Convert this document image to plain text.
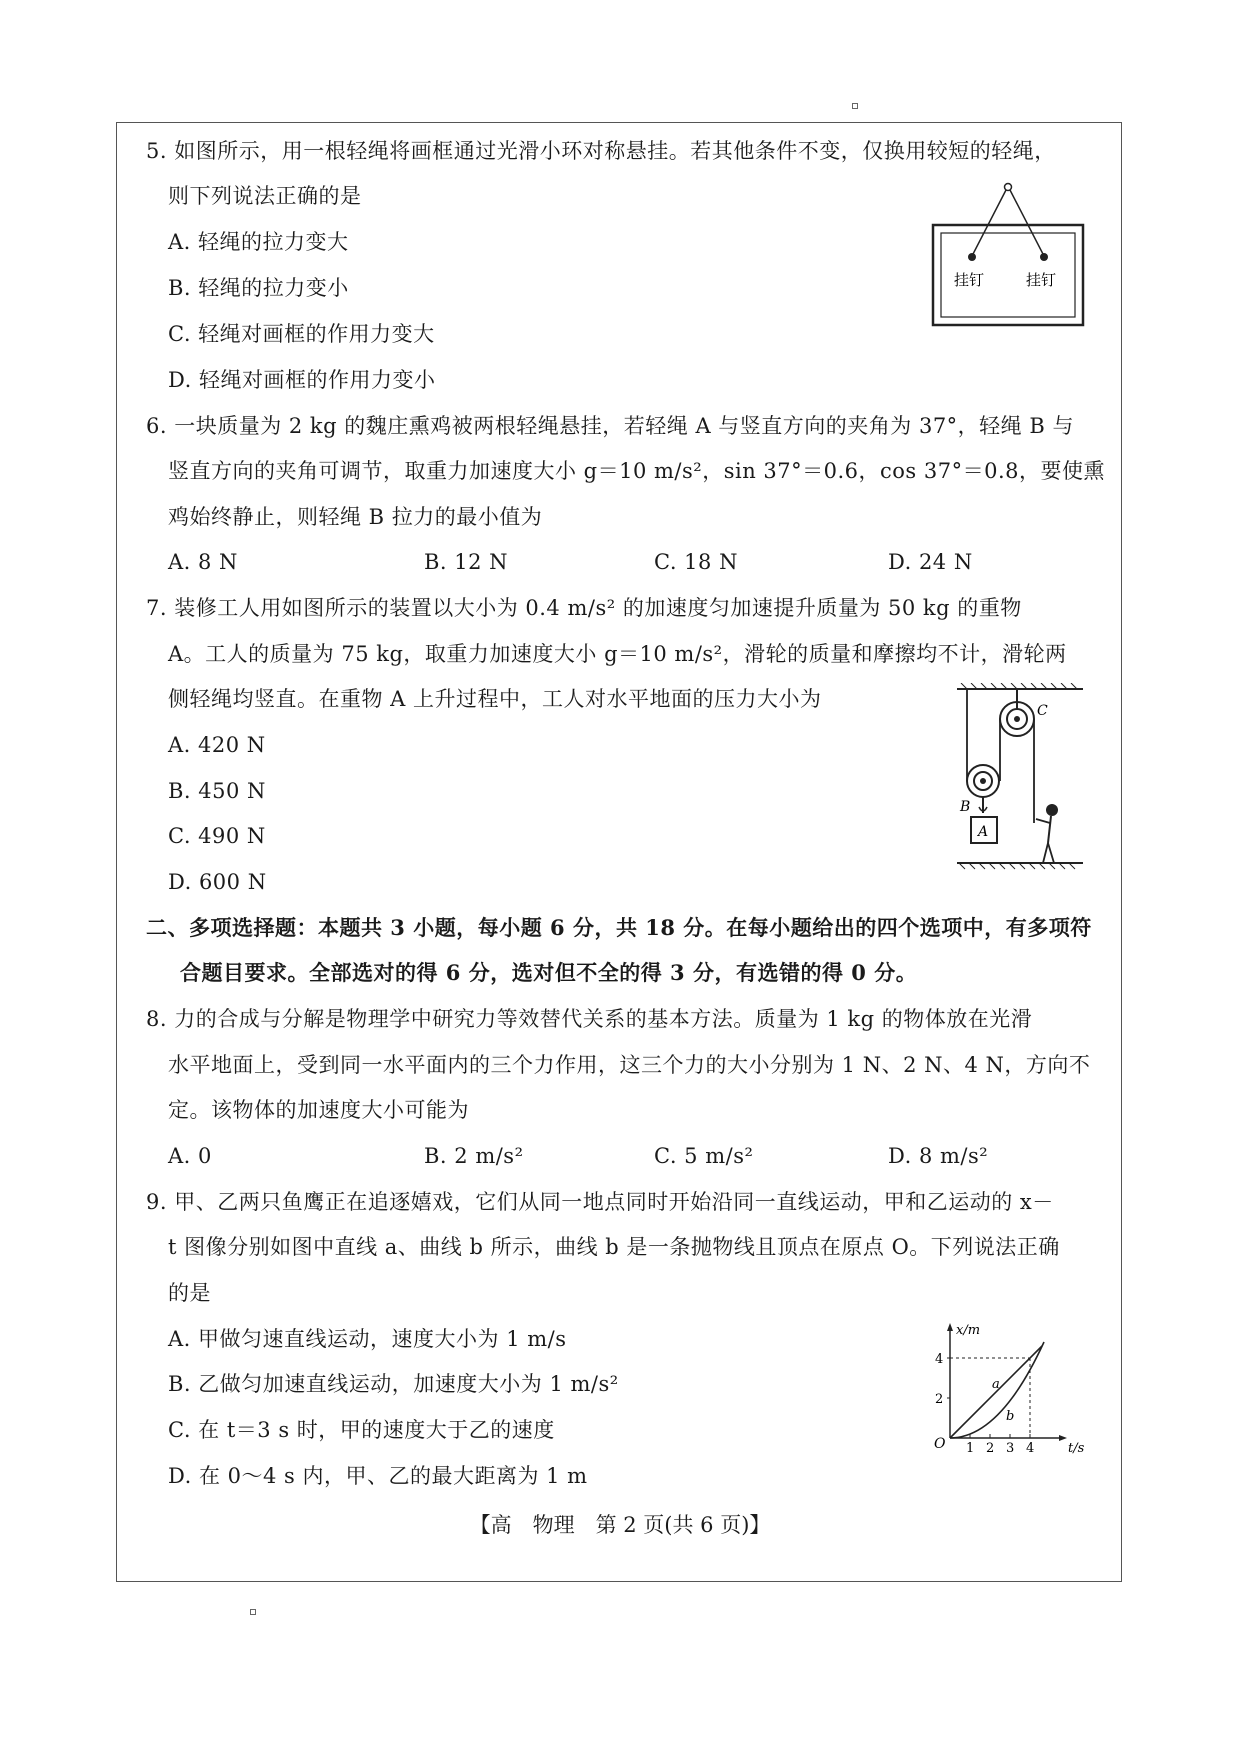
5. 如图所示，用一根轻绳将画框通过光滑小环对称悬挂。若其他条件不变，仅换用较短的轻绳，
则下列说法正确的是
A. 轻绳的拉力变大
B. 轻绳的拉力变小
C. 轻绳对画框的作用力变大
D. 轻绳对画框的作用力变小
挂钉	挂钉
6. 一块质量为 2 kg 的魏庄熏鸡被两根轻绳悬挂，若轻绳 A 与竖直方向的夹角为 37°，轻绳 B 与
竖直方向的夹角可调节，取重力加速度大小 g＝10 m/s²，sin 37°＝0.6，cos 37°＝0.8，要使熏
鸡始终静止，则轻绳 B 拉力的最小值为
A. 8 N	B. 12 N	C. 18 N	D. 24 N
7. 装修工人用如图所示的装置以大小为 0.4 m/s² 的加速度匀加速提升质量为 50 kg 的重物
A。工人的质量为 75 kg，取重力加速度大小 g＝10 m/s²，滑轮的质量和摩擦均不计，滑轮两
侧轻绳均竖直。在重物 A 上升过程中，工人对水平地面的压力大小为
A. 420 N
B. 450 N
C. 490 N
D. 600 N
C
B
A
二、多项选择题：本题共 3 小题，每小题 6 分，共 18 分。在每小题给出的四个选项中，有多项符
合题目要求。全部选对的得 6 分，选对但不全的得 3 分，有选错的得 0 分。
8. 力的合成与分解是物理学中研究力等效替代关系的基本方法。质量为 1 kg 的物体放在光滑
水平地面上，受到同一水平面内的三个力作用，这三个力的大小分别为 1 N、2 N、4 N，方向不
定。该物体的加速度大小可能为
A. 0	B. 2 m/s²	C. 5 m/s²	D. 8 m/s²
9. 甲、乙两只鱼鹰正在追逐嬉戏，它们从同一地点同时开始沿同一直线运动，甲和乙运动的 x－
t 图像分别如图中直线 a、曲线 b 所示，曲线 b 是一条抛物线且顶点在原点 O。下列说法正确
的是
A. 甲做匀速直线运动，速度大小为 1 m/s
B. 乙做匀加速直线运动，加速度大小为 1 m/s²
C. 在 t＝3 s 时，甲的速度大于乙的速度
D. 在 0～4 s 内，甲、乙的最大距离为 1 m
x/m
t/s
O
2
4
1 2 3 4
a
b
【高　物理　第 2 页(共 6 页)】
